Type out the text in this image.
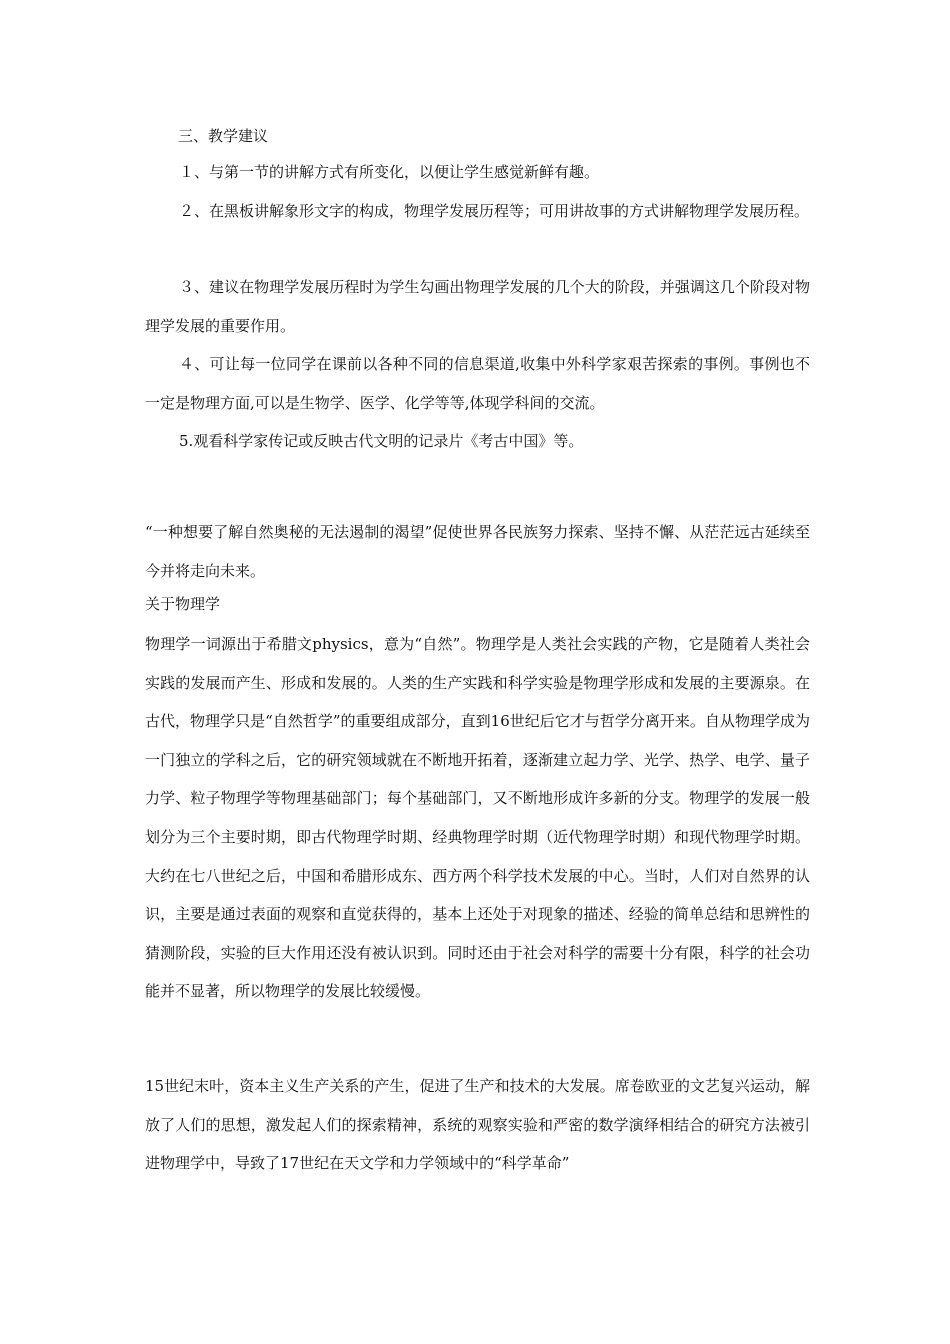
三、教学建议
１、与第一节的讲解方式有所变化，以便让学生感觉新鲜有趣。
２、在黑板讲解象形文字的构成，物理学发展历程等；可用讲故事的方式讲解物理学发展历程。
３、建议在物理学发展历程时为学生勾画出物理学发展的几个大的阶段，并强调这几个阶段对物理学发展的重要作用。
４、可让每一位同学在课前以各种不同的信息渠道,收集中外科学家艰苦探索的事例。事例也不一定是物理方面,可以是生物学、医学、化学等等,体现学科间的交流。
5.观看科学家传记或反映古代文明的记录片《考古中国》等。
“一种想要了解自然奥秘的无法遏制的渴望”促使世界各民族努力探索、坚持不懈、从茫茫远古延续至今并将走向未来。
关于物理学
物理学一词源出于希腊文physics，意为“自然”。物理学是人类社会实践的产物，它是随着人类社会实践的发展而产生、形成和发展的。人类的生产实践和科学实验是物理学形成和发展的主要源泉。在古代，物理学只是“自然哲学”的重要组成部分，直到16世纪后它才与哲学分离开来。自从物理学成为一门独立的学科之后，它的研究领域就在不断地开拓着，逐渐建立起力学、光学、热学、电学、量子力学、粒子物理学等物理基础部门；每个基础部门，又不断地形成许多新的分支。物理学的发展一般划分为三个主要时期，即古代物理学时期、经典物理学时期（近代物理学时期）和现代物理学时期。大约在七八世纪之后，中国和希腊形成东、西方两个科学技术发展的中心。当时，人们对自然界的认识，主要是通过表面的观察和直觉获得的，基本上还处于对现象的描述、经验的简单总结和思辨性的猜测阶段，实验的巨大作用还没有被认识到。同时还由于社会对科学的需要十分有限，科学的社会功能并不显著，所以物理学的发展比较缓慢。
15世纪末叶，资本主义生产关系的产生，促进了生产和技术的大发展。席卷欧亚的文艺复兴运动，解放了人们的思想，激发起人们的探索精神，系统的观察实验和严密的数学演绎相结合的研究方法被引进物理学中，导致了17世纪在天文学和力学领域中的“科学革命”
